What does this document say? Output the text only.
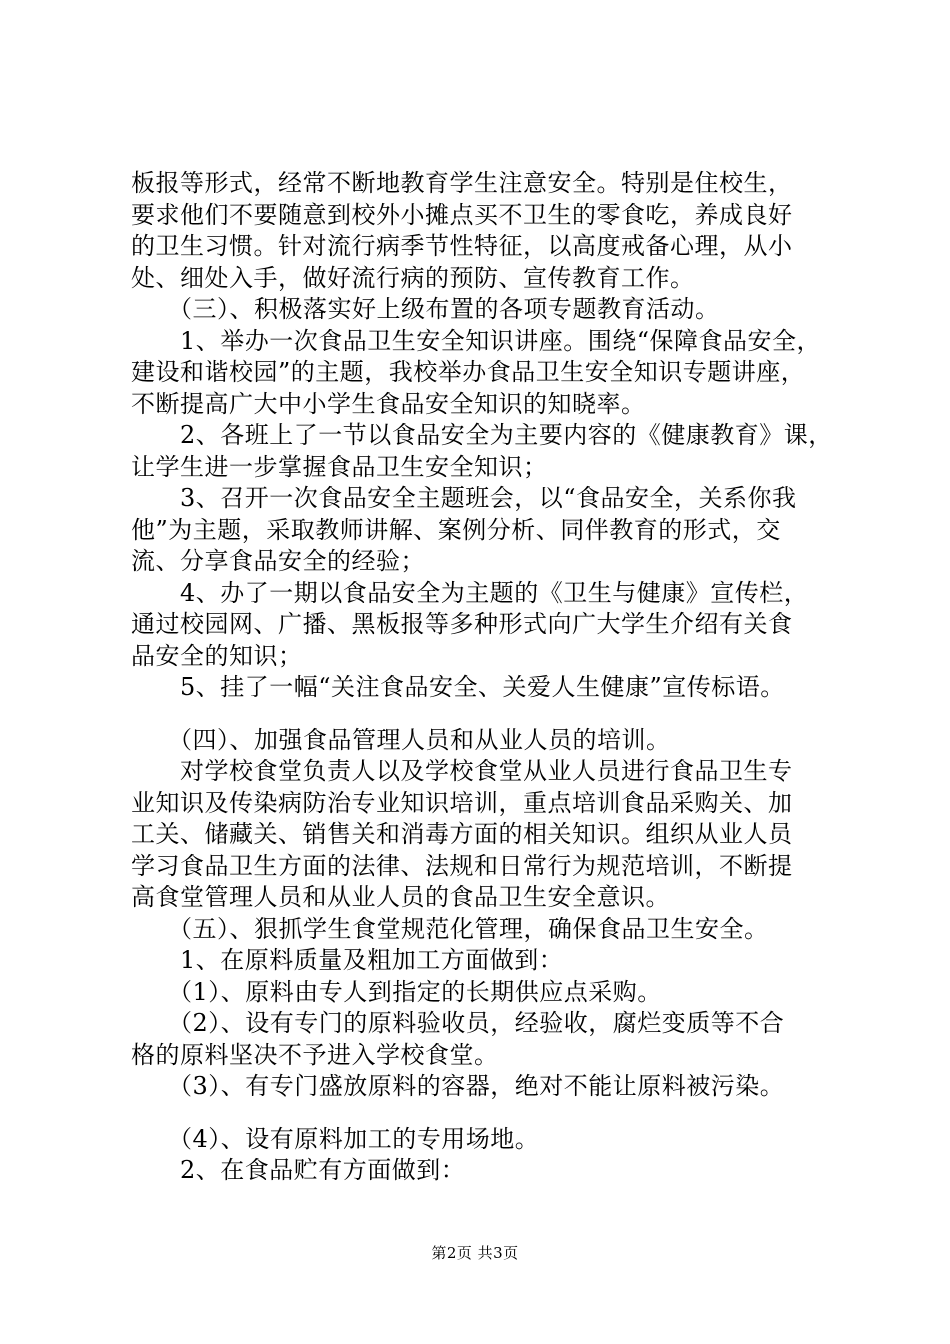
板报等形式，经常不断地教育学生注意安全。特别是住校生，
要求他们不要随意到校外小摊点买不卫生的零食吃，养成良好
的卫生习惯。针对流行病季节性特征，以高度戒备心理，从小
处、细处入手，做好流行病的预防、宣传教育工作。
　　（三）、积极落实好上级布置的各项专题教育活动。
　　1、举办一次食品卫生安全知识讲座。围绕“保障食品安全，
建设和谐校园”的主题，我校举办食品卫生安全知识专题讲座，
不断提高广大中小学生食品安全知识的知晓率。
　　2、各班上了一节以食品安全为主要内容的《健康教育》课，
让学生进一步掌握食品卫生安全知识；
　　3、召开一次食品安全主题班会，以“食品安全，关系你我
他”为主题，采取教师讲解、案例分析、同伴教育的形式，交
流、分享食品安全的经验；
　　4、办了一期以食品安全为主题的《卫生与健康》宣传栏，
通过校园网、广播、黑板报等多种形式向广大学生介绍有关食
品安全的知识；
　　5、挂了一幅“关注食品安全、关爱人生健康”宣传标语。
　　（四）、加强食品管理人员和从业人员的培训。
　　对学校食堂负责人以及学校食堂从业人员进行食品卫生专
业知识及传染病防治专业知识培训，重点培训食品采购关、加
工关、储藏关、销售关和消毒方面的相关知识。组织从业人员
学习食品卫生方面的法律、法规和日常行为规范培训，不断提
高食堂管理人员和从业人员的食品卫生安全意识。
　　（五）、狠抓学生食堂规范化管理，确保食品卫生安全。
　　1、在原料质量及粗加工方面做到：
　　（1）、原料由专人到指定的长期供应点采购。
　　（2）、设有专门的原料验收员，经验收，腐烂变质等不合
格的原料坚决不予进入学校食堂。
　　（3）、有专门盛放原料的容器，绝对不能让原料被污染。
　　（4）、设有原料加工的专用场地。
　　2、在食品贮有方面做到：
第2页 共3页
